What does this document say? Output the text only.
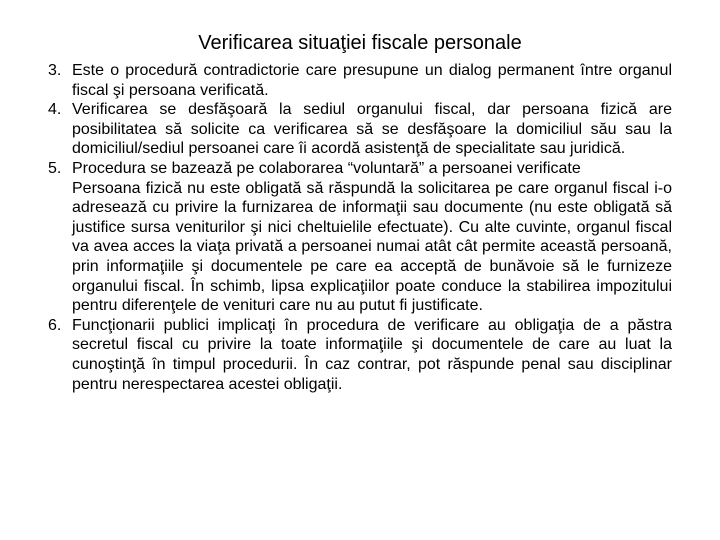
Verificarea situaţiei fiscale personale

3. Este o procedură contradictorie care presupune un dialog permanent între organul fiscal şi persoana verificată.

4. Verificarea se desfăşoară la sediul organului fiscal, dar persoana fizică are posibilitatea să solicite ca verificarea să se desfăşoare la domiciliul său sau la domiciliul/sediul persoanei care îi acordă asistenţă de specialitate sau juridică.

5. Procedura se bazează pe colaborarea “voluntară” a persoanei verificate

Persoana fizică nu este obligată să răspundă la solicitarea pe care organul fiscal i-o adresează cu privire la furnizarea de informaţii sau documente (nu este obligată să justifice sursa veniturilor şi nici cheltuielile efectuate). Cu alte cuvinte, organul fiscal va avea acces la viaţa privată a persoanei numai atât cât permite această persoană, prin informaţiile şi documentele pe care ea acceptă de bunăvoie să le furnizeze organului fiscal. În schimb, lipsa explicaţiilor poate conduce la stabilirea impozitului pentru diferenţele de venituri care nu au putut fi justificate.

6. Funcţionarii publici implicaţi în procedura de verificare au obligaţia de a păstra secretul fiscal cu privire la toate informaţiile şi documentele de care au luat la cunoştinţă în timpul procedurii. În caz contrar, pot răspunde penal sau disciplinar pentru nerespectarea acestei obligaţii.
